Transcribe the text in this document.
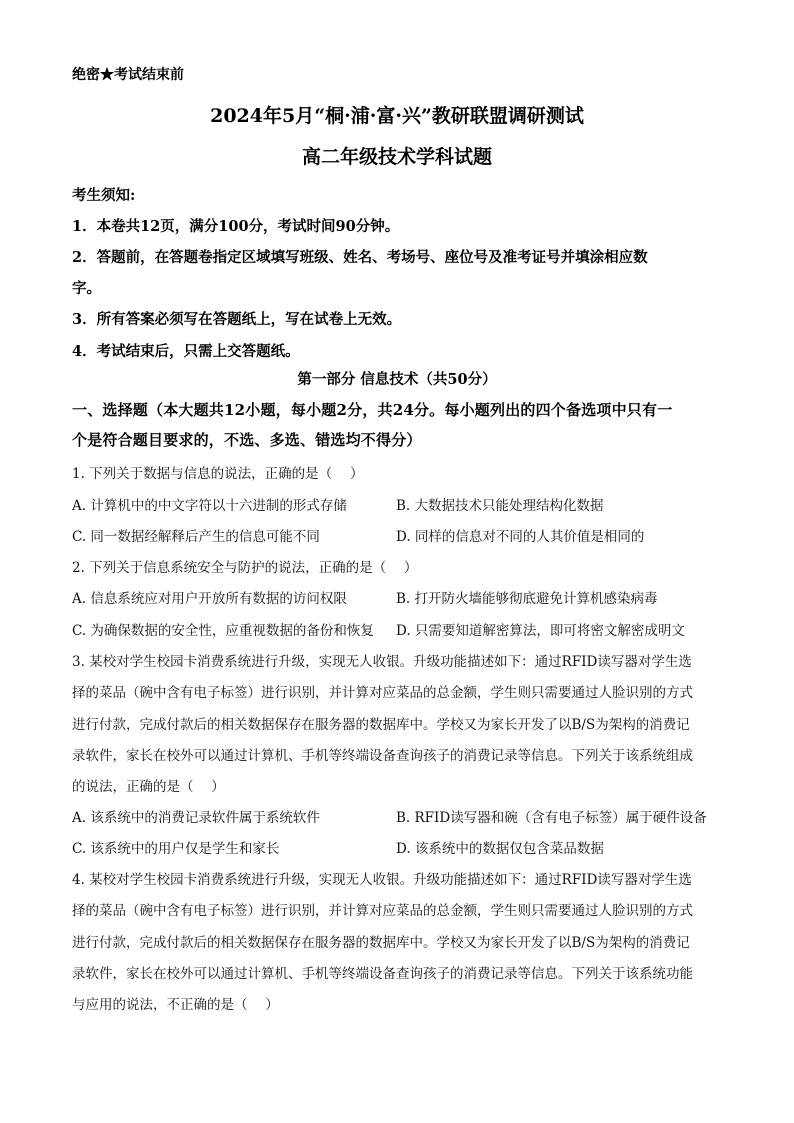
绝密★考试结束前
2024年5月“桐·浦·富·兴”教研联盟调研测试
高二年级技术学科试题
考生须知:
1．本卷共12页，满分100分，考试时间90分钟。
2．答题前，在答题卷指定区域填写班级、姓名、考场号、座位号及准考证号并填涂相应数
字。
3．所有答案必须写在答题纸上，写在试卷上无效。
4．考试结束后，只需上交答题纸。
第一部分 信息技术（共50分）
一、选择题（本大题共12小题，每小题2分，共24分。每小题列出的四个备选项中只有一
个是符合题目要求的，不选、多选、错选均不得分）
1. 下列关于数据与信息的说法，正确的是（　 ）
A. 计算机中的中文字符以十六进制的形式存储	B. 大数据技术只能处理结构化数据
C. 同一数据经解释后产生的信息可能不同	D. 同样的信息对不同的人其价值是相同的
2. 下列关于信息系统安全与防护的说法，正确的是（　 ）
A. 信息系统应对用户开放所有数据的访问权限	B. 打开防火墙能够彻底避免计算机感染病毒
C. 为确保数据的安全性，应重视数据的备份和恢复 D. 只需要知道解密算法，即可将密文解密成明文
3. 某校对学生校园卡消费系统进行升级，实现无人收银。升级功能描述如下：通过RFID读写器对学生选
择的菜品（碗中含有电子标签）进行识别，并计算对应菜品的总金额，学生则只需要通过人脸识别的方式
进行付款，完成付款后的相关数据保存在服务器的数据库中。学校又为家长开发了以B/S为架构的消费记
录软件，家长在校外可以通过计算机、手机等终端设备查询孩子的消费记录等信息。下列关于该系统组成
的说法，正确的是（　 ）
A. 该系统中的消费记录软件属于系统软件	B. RFID读写器和碗（含有电子标签）属于硬件设备
C. 该系统中的用户仅是学生和家长	D. 该系统中的数据仅包含菜品数据
4. 某校对学生校园卡消费系统进行升级，实现无人收银。升级功能描述如下：通过RFID读写器对学生选
择的菜品（碗中含有电子标签）进行识别，并计算对应菜品的总金额，学生则只需要通过人脸识别的方式
进行付款，完成付款后的相关数据保存在服务器的数据库中。学校又为家长开发了以B/S为架构的消费记
录软件，家长在校外可以通过计算机、手机等终端设备查询孩子的消费记录等信息。下列关于该系统功能
与应用的说法，不正确的是（　 ）
